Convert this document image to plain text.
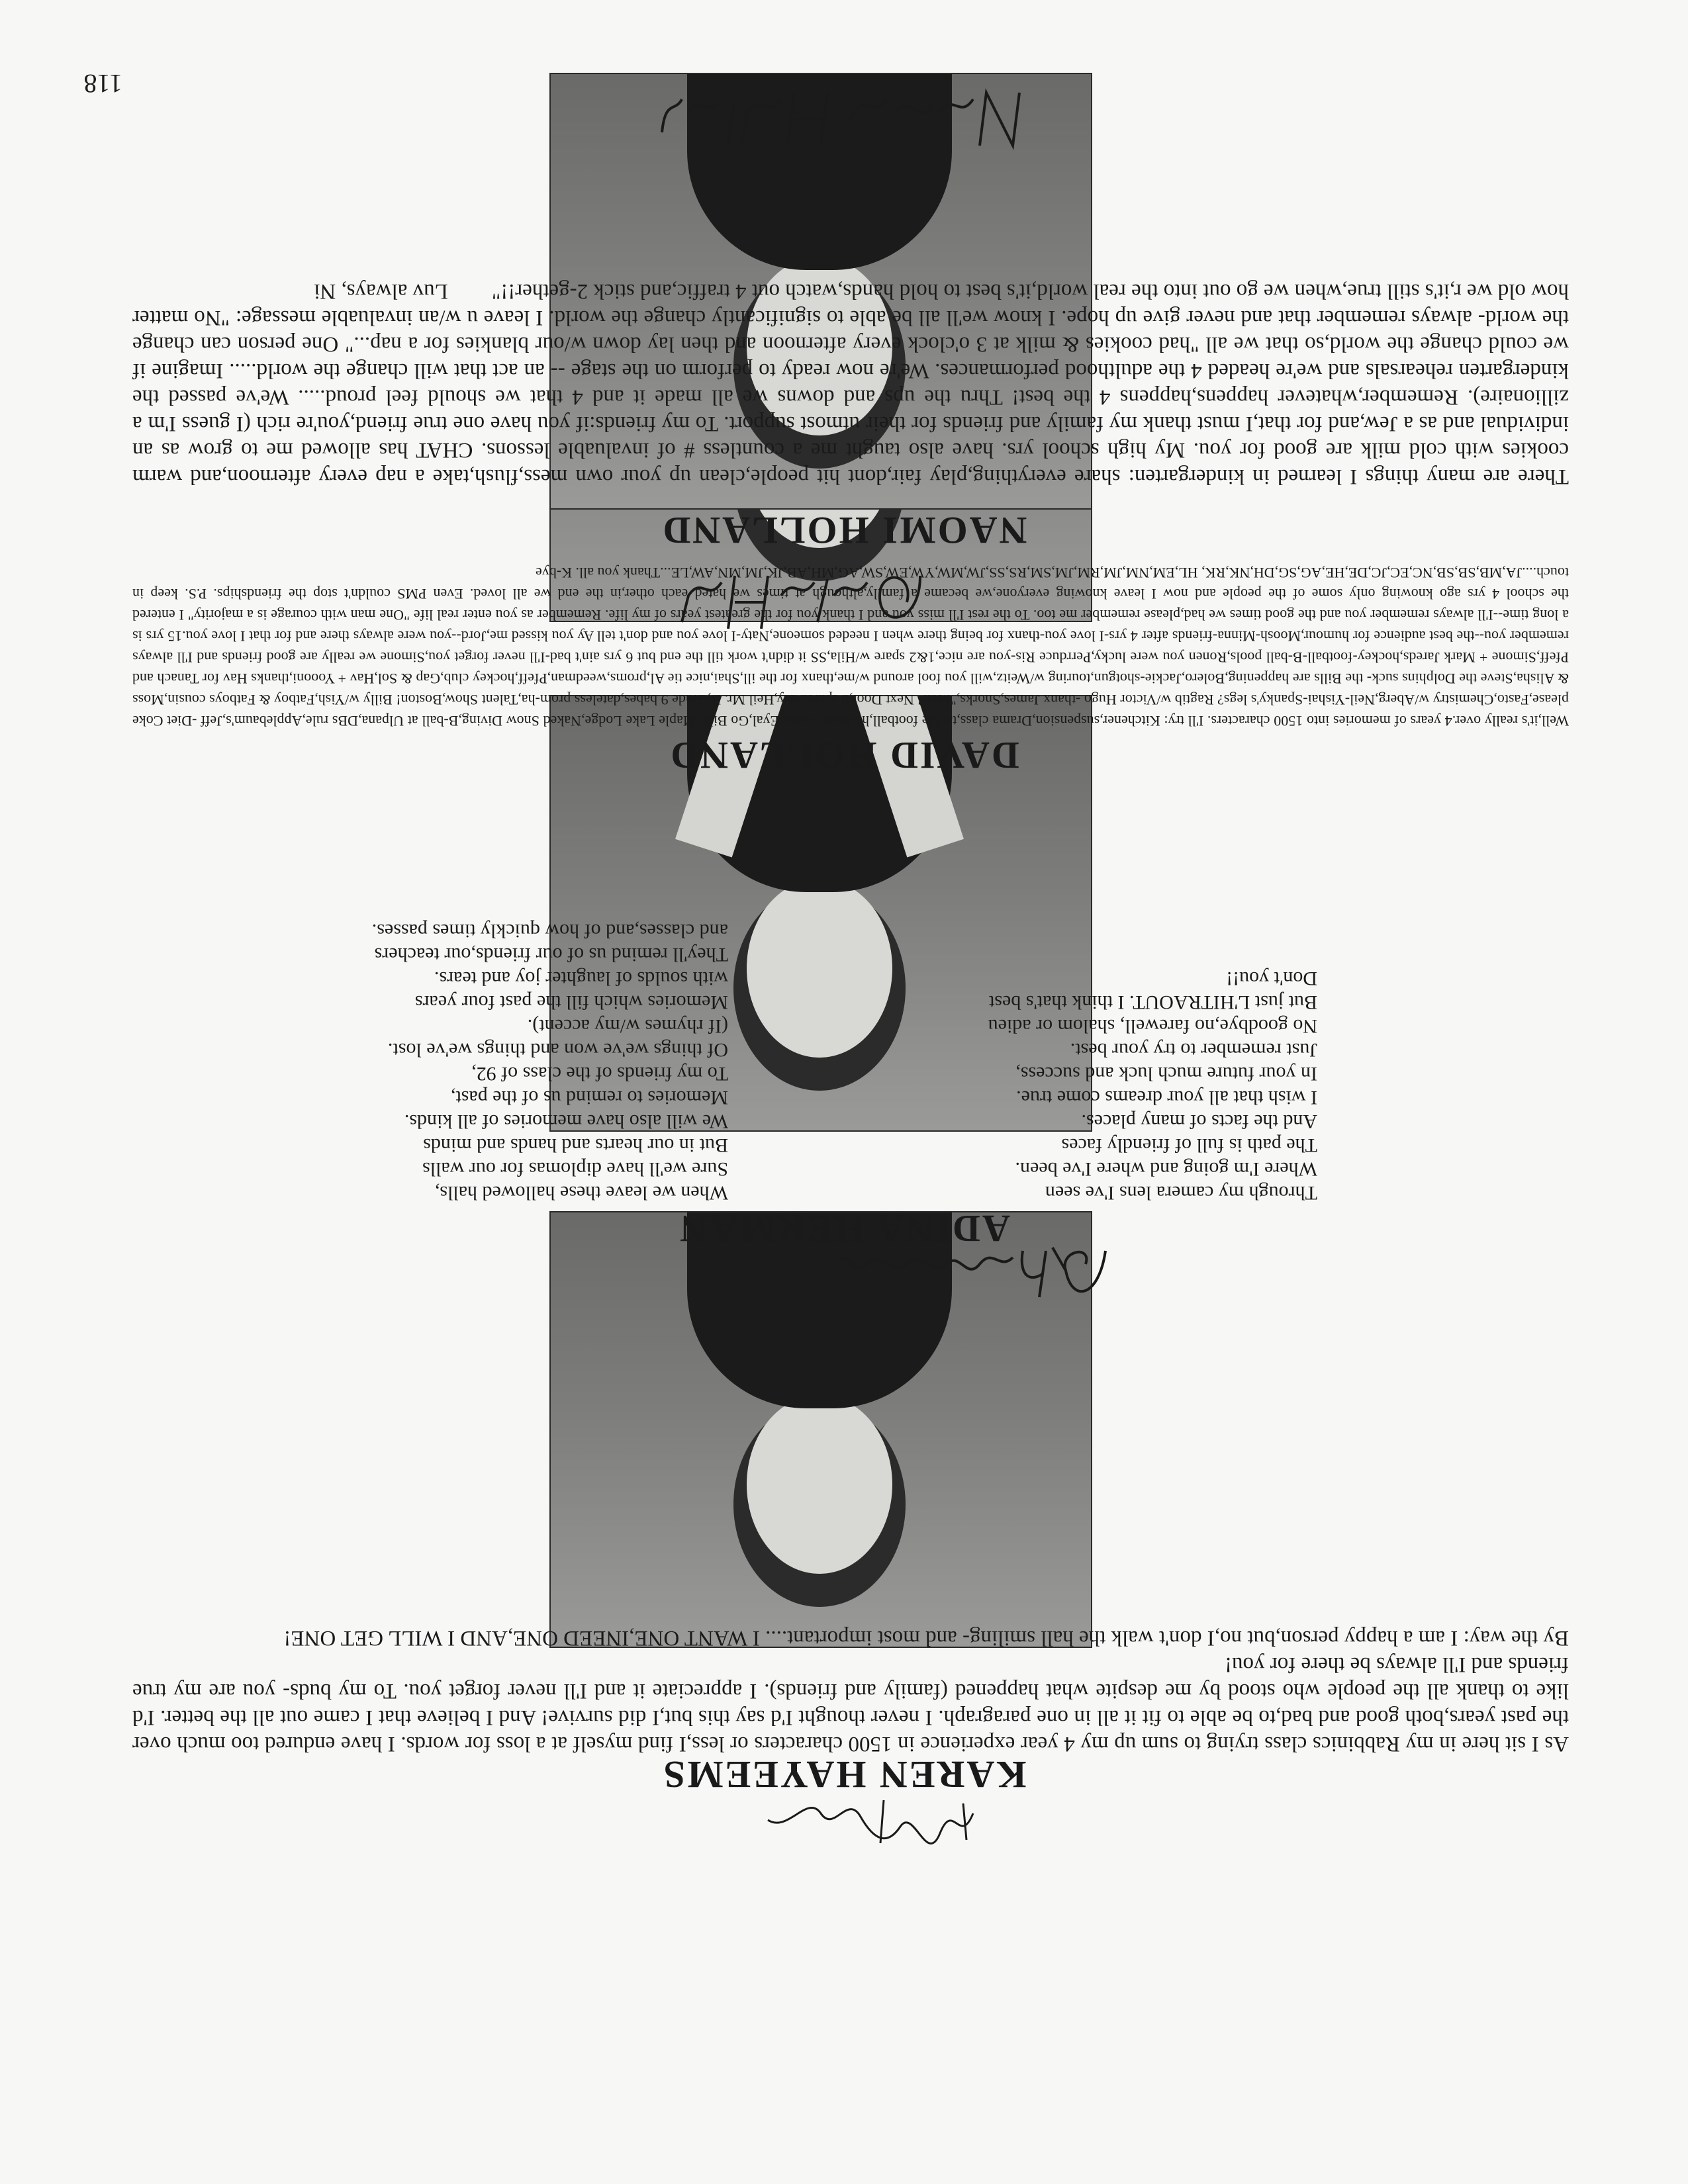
118
KAREN HAYEEMS
As I sit here in my Rabbinics class trying to sum up my 4 year experience in 1500 characters or less,I find myself at a loss for words. I have endured too much over the past years,both good and bad,to be able to fit it all in one paragraph. I never thought I'd say this but,I did survive! And I believe that I came out all the better. I'd like to thank all the people who stood by me despite what happened (family and friends). I appreciate it and I'll never forget you. To my buds- you are my true friends and I'll always be there for you!
By the way: I am a happy person,but no,I don't walk the hall smiling- and most important.... I WANT ONE,INEED ONE,AND I WILL GET ONE!
ADINA HERMAN
When we leave these hallowed halls,
Sure we'll have diplomas for our walls
But in our hearts and hands and minds
We will also have memories of all kinds.
Memories to remind us of the past,
To my friends of the class of 92,
Of things we've won and things we've lost.
(If rhymes w/my accent).
Memories which fill the past four years
with soulds of laughter joy and tears.
They'll remind us of our friends,our teachers
and classes,and of how quickly times passes.
Through my camera lens I've seen
Where I'm going and where I've been.
The path is full of friendly faces
And the facts of many places.
I wish that all your dreams come true.
In your future much luck and success,
Just remember to try your best.
No goodbye,no farewell, shalom or adieu
But just L'HITRAOUT. I think that's best
Don't you!!
DAVID HOLLAND
Well,it's really over.4 years of memories into 1500 characters. I'll try: Kitchener,suspension,Drama class,tackle football,ho-hum -thanx Eyal,Go Bills,Maple Lake Lodge,Naked Snow Diving,B-ball at Ulpana,DBs rule,Applebaum's,Jeff -Diet Coke please,Fasto,Chemistry w/Aberg,Neil-Yishai-Spanky's legs? Ragtib w/Victor Hugo -thanx James,Snorks,"Men" Next Door,8 spares/day,Heil Mr. B,Grade 9 babes,dateless prom-ha,Talent Show,Boston! Billy w/Yish,Fatboy & Fatboys cousin,Moss & Alisha,Steve the Dolphins suck- the Bills are happening,Bolero,Jackie-shotgun,touring w/Weitz,will you fool around w/me,thanx for the ill,Shai,nice tie Al,proms,weedman,Pfeff,hockey club,Gap & Sol,Hav + Yoooni,thanks Hav for Tanach and Pfeff,Simone + Mark Jareds,hockey-football-B-ball pools,Ronen you were lucky,Perrduce Ris-you are nice,1&2 spare w/Hila,SS it didn't work till the end but 6 yrs ain't bad-I'll never forget you,Simone we really are good friends and I'll always remember you--the best audience for humour,Moosh-Minna-friends after 4 yrs-I love you-thanx for being there when I needed someone,Naty-I love you and don't tell Ay you kissed me,Jord--you were always there and for that I love you.15 yrs is a long time--I'll always remember you and the good times we had,please remember me too. To the rest I'll miss you and I thank you for the greatest years of my life. Remember as you enter real life "One man with courage is a majority" I entered the school 4 yrs ago knowing only some of the people and now I leave knowing everyone,we became a family,although at times we hated each other,in the end we all loved. Even PMS couldn't stop the friendships. P.S. keep in touch....JA,MB,SB,SB,NC,EC,JC,DE,HE,AG,SG,DH,NK,RK, HL,EM,NM,JM,RM,JM,SM,RS,SS,JW,MW,YW,EW,SW,AG,MH,AB,JK,JM,MN,AW,LE...Thank you all. K-bye
NAOMI HOLLAND
There are many things I learned in kindergarten: share everything,play fair,dont hit people,clean up your own mess,flush,take a nap every afternoon,and warm cookies with cold milk are good for you. My high school yrs. have also taught me a countless # of invaluable lessons. CHAT has allowed me to grow as an individual and as a Jew,and for that,I must thank my family and friends for their utmost support. To my friends:if you have one true friend,you're rich (I guess I'm a zillionaire). Remember,whatever happens,happens 4 the best! Thru the ups and downs we all made it and 4 that we should feel proud..... We've passed the kindergarten rehearsals and we're headed 4 the adulthood performances. We're now ready to perform on the stage -- an act that will change the world..... Imagine if we could change the world,so that we all "had cookies & milk at 3 o'clock every afternoon and then lay down w/our blankies for a nap..." One person can change the world- always remember that and never give up hope. I know we'll all be able to significantly change the world. I leave u w/an invaluable message: "No matter how old we r,it's still true,when we go out into the real world,it's best to hold hands,watch out 4 traffic,and stick 2-gether!!"        Luv always, Ni
